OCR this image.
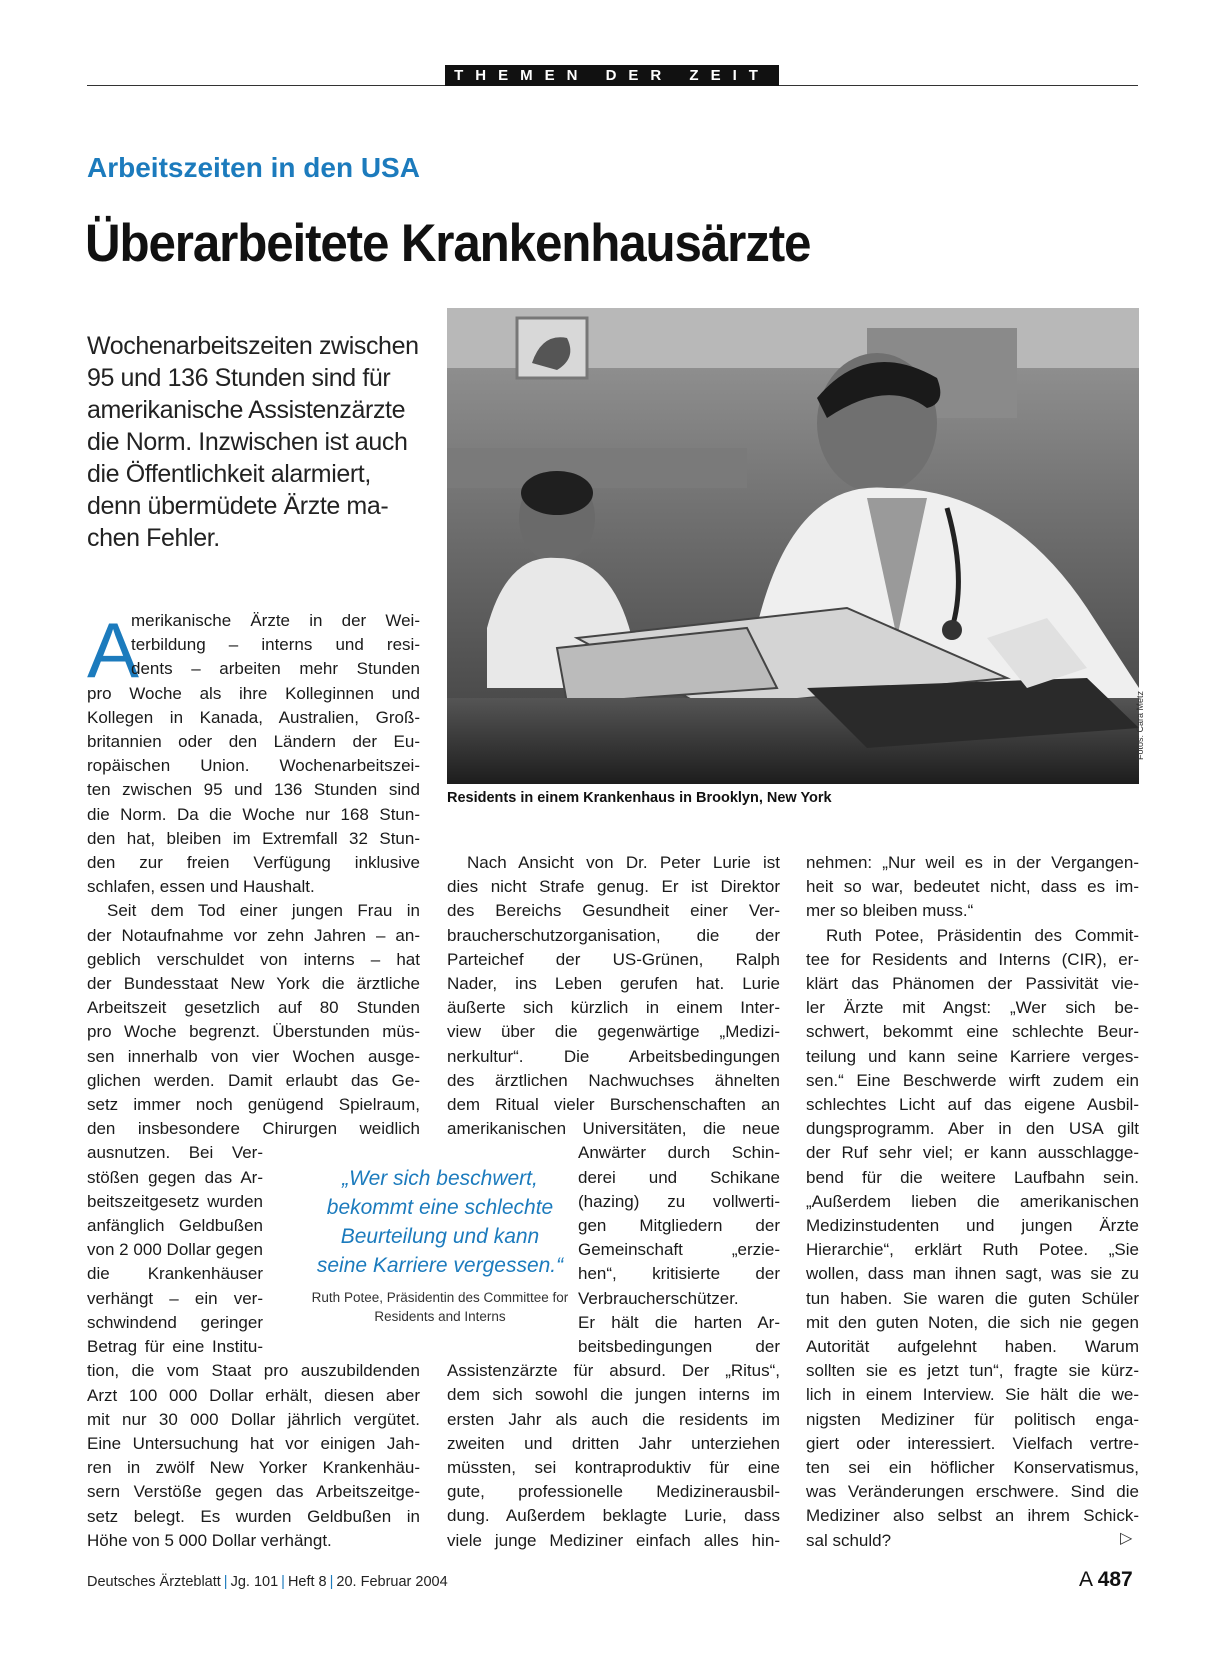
THEMEN DER ZEIT
Arbeitszeiten in den USA
Überarbeitete Krankenhausärzte
Wochenarbeitszeiten zwischen
95 und 136 Stunden sind für
amerikanische Assistenzärzte
die Norm. Inzwischen ist auch
die Öffentlichkeit alarmiert,
denn übermüdete Ärzte ma-
chen Fehler.
Fotos: Cara Metz
Residents in einem Krankenhaus in Brooklyn, New York
A
merikanische Ärzte in der Wei-
terbildung – interns und resi-
dents – arbeiten mehr Stunden
pro Woche als ihre Kolleginnen und
Kollegen in Kanada, Australien, Groß-
britannien oder den Ländern der Eu-
ropäischen Union. Wochenarbeitszei-
ten zwischen 95 und 136 Stunden sind
die Norm. Da die Woche nur 168 Stun-
den hat, bleiben im Extremfall 32 Stun-
den zur freien Verfügung inklusive
schlafen, essen und Haushalt.
Seit dem Tod einer jungen Frau in
der Notaufnahme vor zehn Jahren – an-
geblich verschuldet von interns – hat
der Bundesstaat New York die ärztliche
Arbeitszeit gesetzlich auf 80 Stunden
pro Woche begrenzt. Überstunden müs-
sen innerhalb von vier Wochen ausge-
glichen werden. Damit erlaubt das Ge-
setz immer noch genügend Spielraum,
den insbesondere Chirurgen weidlich
ausnutzen. Bei Ver-
stößen gegen das Ar-
beitszeitgesetz wurden
anfänglich Geldbußen
von 2 000 Dollar gegen
die Krankenhäuser
verhängt – ein ver-
schwindend geringer
Betrag für eine Institu-
tion, die vom Staat pro auszubildenden
Arzt 100 000 Dollar erhält, diesen aber
mit nur 30 000 Dollar jährlich vergütet.
Eine Untersuchung hat vor einigen Jah-
ren in zwölf New Yorker Krankenhäu-
sern Verstöße gegen das Arbeitszeitge-
setz belegt. Es wurden Geldbußen in
Höhe von 5 000 Dollar verhängt.
Nach Ansicht von Dr. Peter Lurie ist
dies nicht Strafe genug. Er ist Direktor
des Bereichs Gesundheit einer Ver-
braucherschutzorganisation, die der
Parteichef der US-Grünen, Ralph
Nader, ins Leben gerufen hat. Lurie
äußerte sich kürzlich in einem Inter-
view über die gegenwärtige „Medizi-
nerkultur“. Die Arbeitsbedingungen
des ärztlichen Nachwuchses ähnelten
dem Ritual vieler Burschenschaften an
amerikanischen Universitäten, die neue
Anwärter durch Schin-
derei und Schikane
(hazing) zu vollwerti-
gen Mitgliedern der
Gemeinschaft „erzie-
hen“, kritisierte der
Verbraucherschützer.
Er hält die harten Ar-
beitsbedingungen der
Assistenzärzte für absurd. Der „Ritus“,
dem sich sowohl die jungen interns im
ersten Jahr als auch die residents im
zweiten und dritten Jahr unterziehen
müssten, sei kontraproduktiv für eine
gute, professionelle Medizinerausbil-
dung. Außerdem beklagte Lurie, dass
viele junge Mediziner einfach alles hin-
nehmen: „Nur weil es in der Vergangen-
heit so war, bedeutet nicht, dass es im-
mer so bleiben muss.“
Ruth Potee, Präsidentin des Commit-
tee for Residents and Interns (CIR), er-
klärt das Phänomen der Passivität vie-
ler Ärzte mit Angst: „Wer sich be-
schwert, bekommt eine schlechte Beur-
teilung und kann seine Karriere verges-
sen.“ Eine Beschwerde wirft zudem ein
schlechtes Licht auf das eigene Ausbil-
dungsprogramm. Aber in den USA gilt
der Ruf sehr viel; er kann ausschlagge-
bend für die weitere Laufbahn sein.
„Außerdem lieben die amerikanischen
Medizinstudenten und jungen Ärzte
Hierarchie“, erklärt Ruth Potee. „Sie
wollen, dass man ihnen sagt, was sie zu
tun haben. Sie waren die guten Schüler
mit den guten Noten, die sich nie gegen
Autorität aufgelehnt haben. Warum
sollten sie es jetzt tun“, fragte sie kürz-
lich in einem Interview. Sie hält die we-
nigsten Mediziner für politisch enga-
giert oder interessiert. Vielfach vertre-
ten sei ein höflicher Konservatismus,
was Veränderungen erschwere. Sind die
Mediziner also selbst an ihrem Schick-
sal schuld?
„Wer sich beschwert,
bekommt eine schlechte
Beurteilung und kann
seine Karriere vergessen.“
Ruth Potee, Präsidentin des Committee for
Residents and Interns
▷
Deutsches Ärzteblatt | Jg. 101 | Heft 8 | 20. Februar 2004	A 487
